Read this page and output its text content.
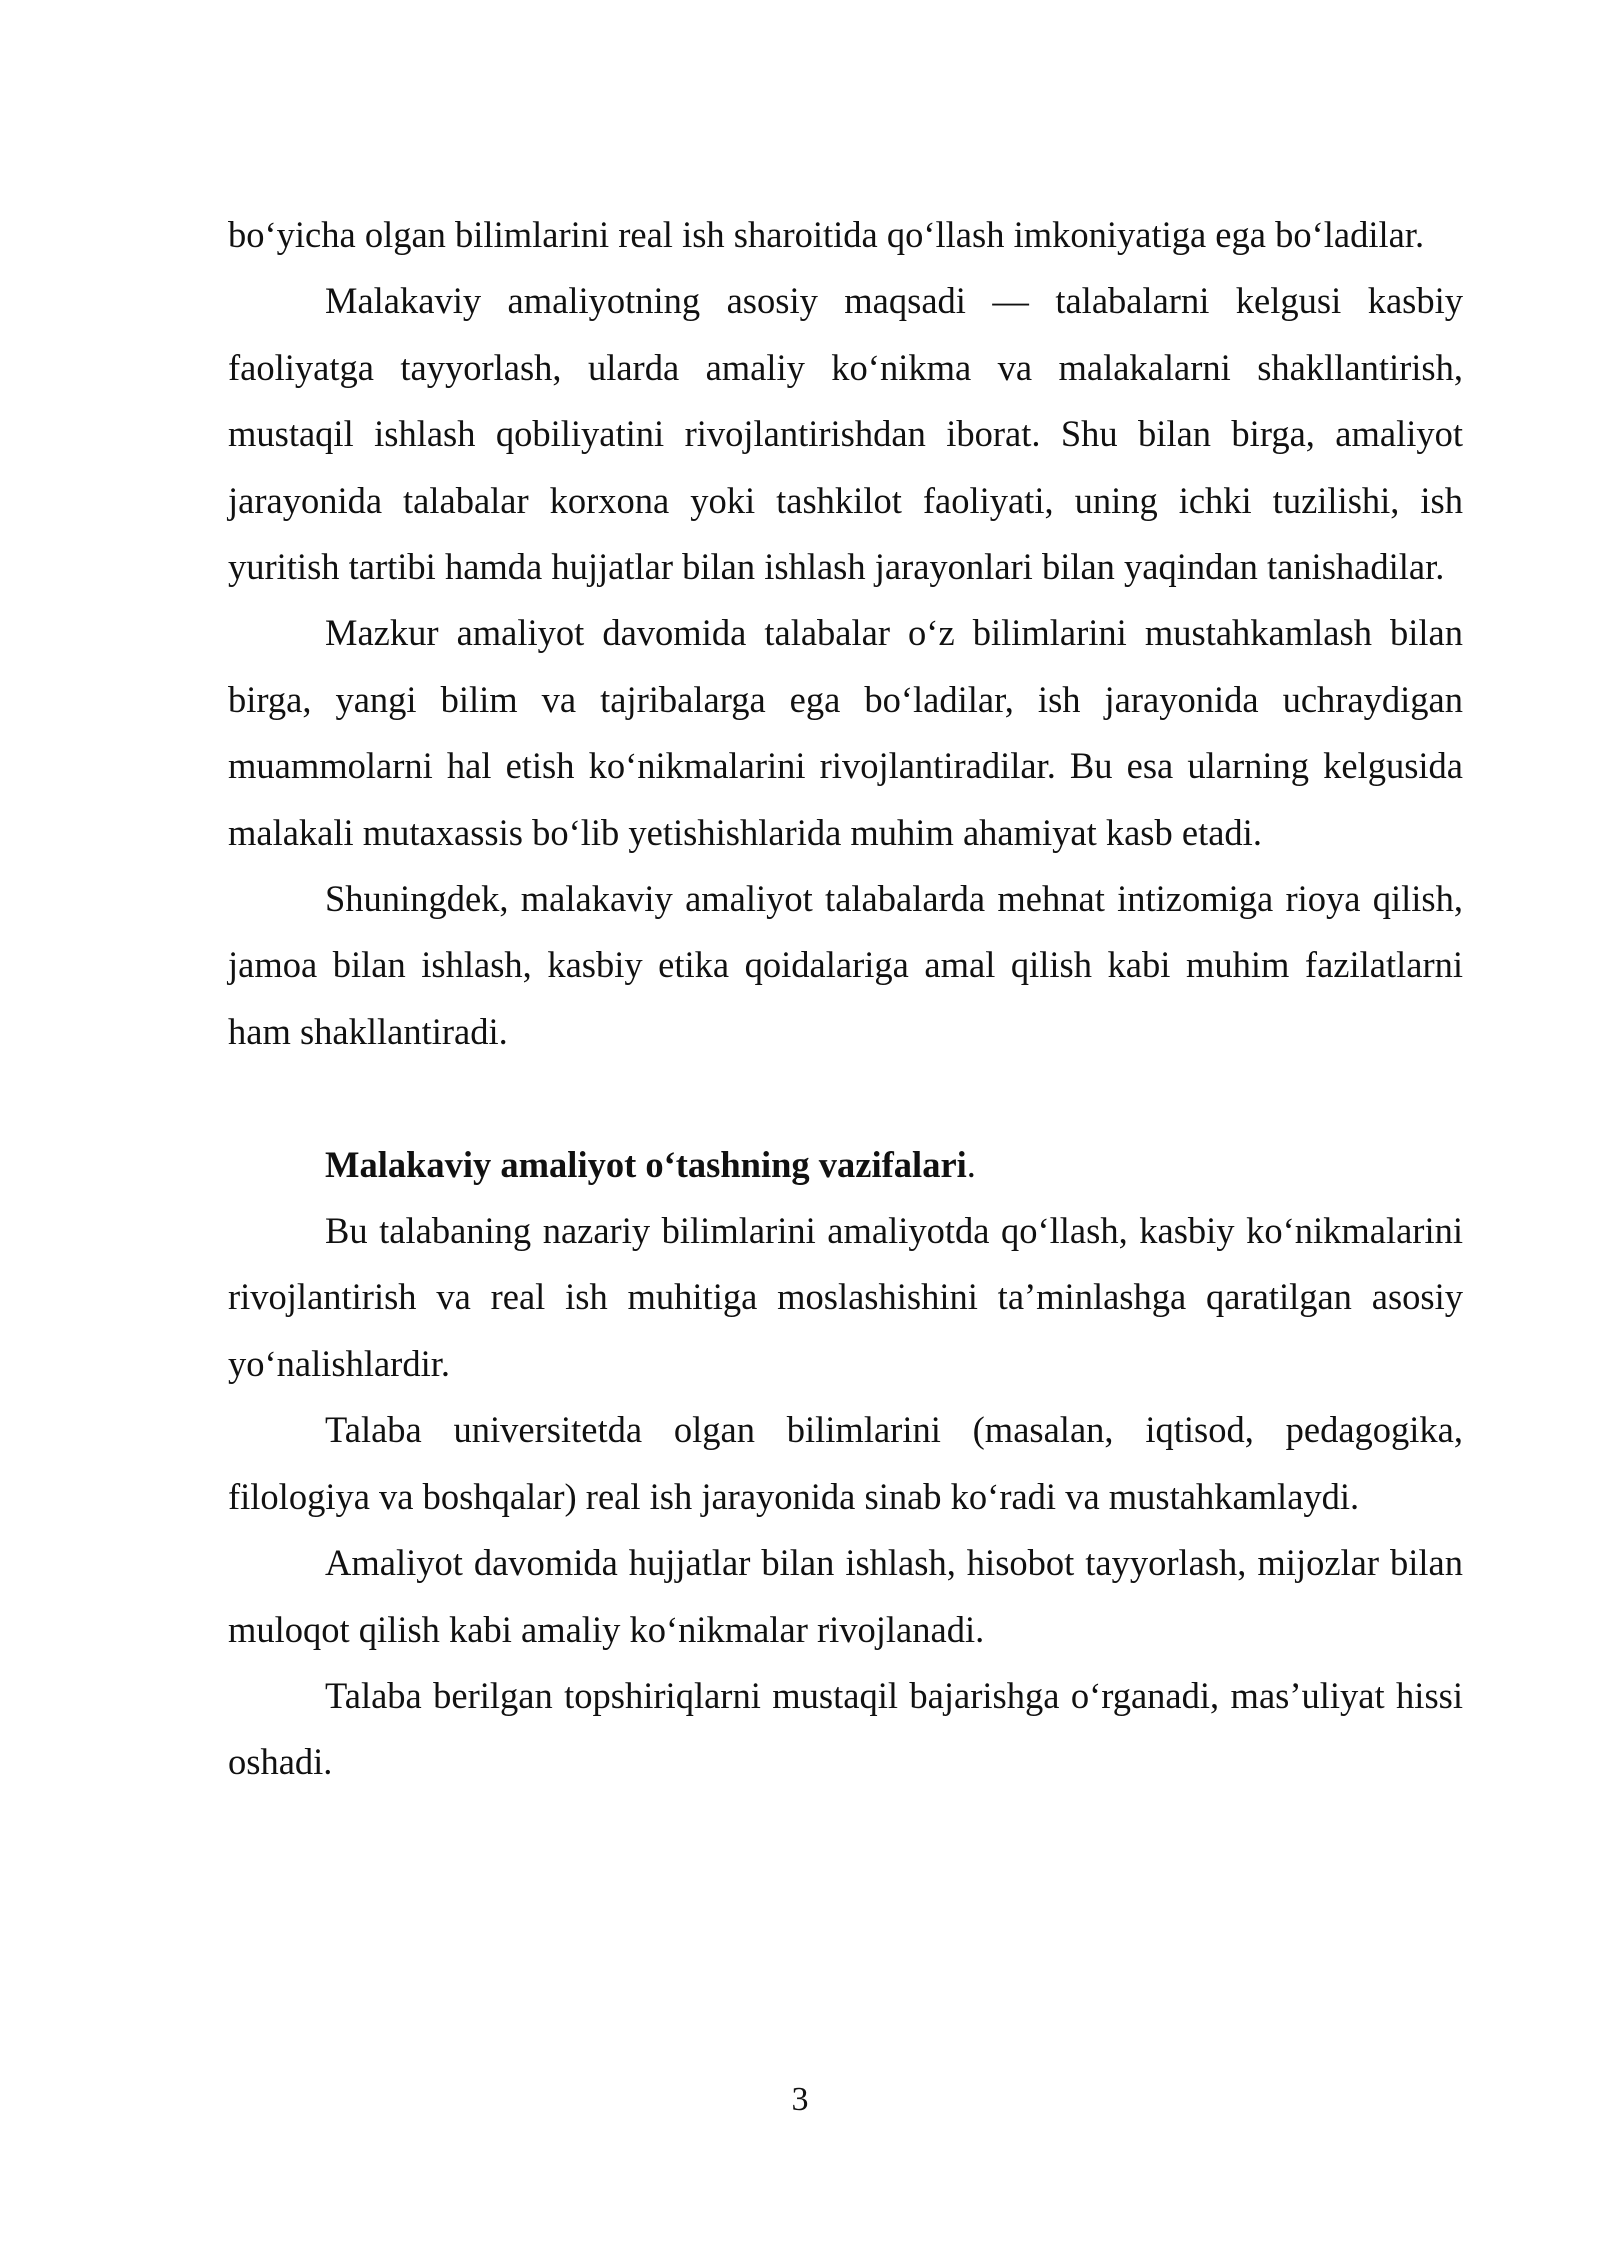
bo‘yicha olgan bilimlarini real ish sharoitida qo‘llash imkoniyatiga ega bo‘ladilar.

Malakaviy amaliyotning asosiy maqsadi — talabalarni kelgusi kasbiy faoliyatga tayyorlash, ularda amaliy ko‘nikma va malakalarni shakllantirish, mustaqil ishlash qobiliyatini rivojlantirishdan iborat. Shu bilan birga, amaliyot jarayonida talabalar korxona yoki tashkilot faoliyati, uning ichki tuzilishi, ish yuritish tartibi hamda hujjatlar bilan ishlash jarayonlari bilan yaqindan tanishadilar.

Mazkur amaliyot davomida talabalar o‘z bilimlarini mustahkamlash bilan birga, yangi bilim va tajribalarga ega bo‘ladilar, ish jarayonida uchraydigan muammolarni hal etish ko‘nikmalarini rivojlantiradilar. Bu esa ularning kelgusida malakali mutaxassis bo‘lib yetishishlarida muhim ahamiyat kasb etadi.

Shuningdek, malakaviy amaliyot talabalarda mehnat intizomiga rioya qilish, jamoa bilan ishlash, kasbiy etika qoidalariga amal qilish kabi muhim fazilatlarni ham shakllantiradi.

Malakaviy amaliyot o‘tashning vazifalari.

Bu talabaning nazariy bilimlarini amaliyotda qo‘llash, kasbiy ko‘nikmalarini rivojlantirish va real ish muhitiga moslashishini ta’minlashga qaratilgan asosiy yo‘nalishlardir.

Talaba universitetda olgan bilimlarini (masalan, iqtisod, pedagogika, filologiya va boshqalar) real ish jarayonida sinab ko‘radi va mustahkamlaydi.

Amaliyot davomida hujjatlar bilan ishlash, hisobot tayyorlash, mijozlar bilan muloqot qilish kabi amaliy ko‘nikmalar rivojlanadi.

Talaba berilgan topshiriqlarni mustaqil bajarishga o‘rganadi, mas’uliyat hissi oshadi.

3
